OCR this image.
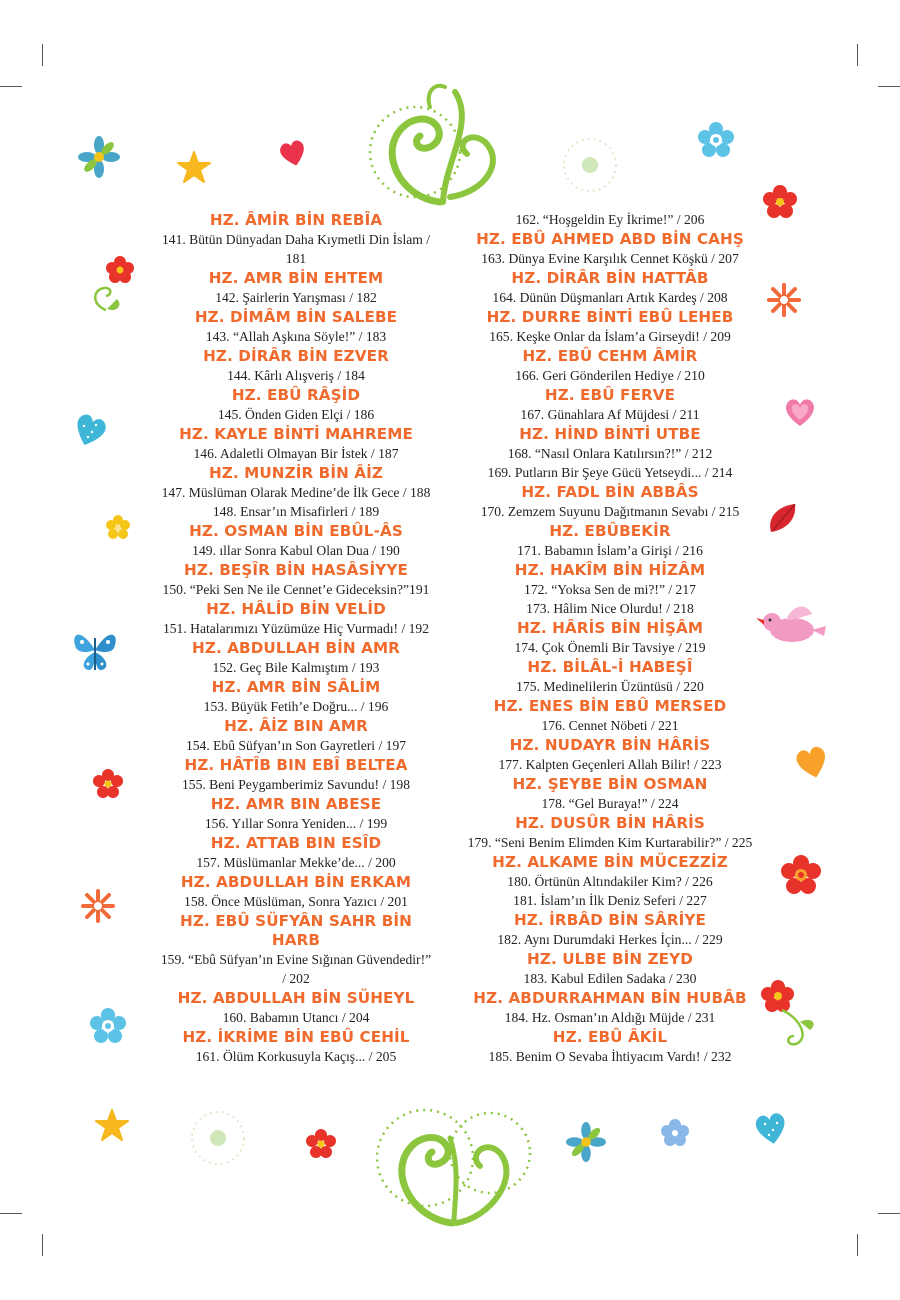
HZ. ÂMİR BİN REBÎA

141. Bütün Dünyadan Daha Kıymetli Din İslam / 181

HZ. AMR BİN EHTEM

142. Şairlerin Yarışması / 182

HZ. DİMÂM BİN SALEBE

143. “Allah Aşkına Söyle!” / 183

HZ. DİRÂR BİN EZVER

144. Kârlı Alışveriş / 184

HZ. EBÛ RÂŞİD

145. Önden Giden Elçi / 186

HZ. KAYLE BİNTİ MAHREME

146. Adaletli Olmayan Bir İstek / 187

HZ. MUNZİR BİN ÂİZ

147. Müslüman Olarak Medine’de İlk Gece / 188

148. Ensar’ın Misafirleri / 189

HZ. OSMAN BİN EBÛL-ÂS

149. ıllar Sonra Kabul Olan Dua / 190

HZ. BEŞÎR BİN HASÂSİYYE

150. “Peki Sen Ne ile Cennet’e Gideceksin?”191

HZ. HÂLİD BİN VELİD

151. Hatalarımızı Yüzümüze Hiç Vurmadı! / 192

HZ. ABDULLAH BİN AMR

152. Geç Bile Kalmıştım / 193

HZ. AMR BİN SÂLİM

153. Büyük Fetih’e Doğru... / 196

HZ. ÂİZ BIN AMR

154. Ebû Süfyan’ın Son Gayretleri / 197

HZ. HÂTÎB BIN EBÎ BELTEA

155. Beni Peygamberimiz Savundu! / 198

HZ. AMR BIN ABESE

156. Yıllar Sonra Yeniden... / 199

HZ. ATTAB BIN ESÎD

157. Müslümanlar Mekke’de... / 200

HZ. ABDULLAH BİN ERKAM

158. Önce Müslüman, Sonra Yazıcı / 201

HZ. EBÛ SÜFYÂN SAHR BİN HARB

159. “Ebû Süfyan’ın Evine Sığınan Güvendedir!” / 202

HZ. ABDULLAH BİN SÜHEYL

160. Babamın Utancı / 204

HZ. İKRİME BİN EBÛ CEHİL

161. Ölüm Korkusuyla Kaçış... / 205

162. “Hoşgeldin Ey İkrime!” / 206

HZ. EBÛ AHMED ABD BİN CAHŞ

163. Dünya Evine Karşılık Cennet Köşkü / 207

HZ. DİRÂR BİN HATTÂB

164. Dünün Düşmanları Artık Kardeş / 208

HZ. DURRE BİNTİ EBÛ LEHEB

165. Keşke Onlar da İslam’a Girseydi! / 209

HZ. EBÛ CEHM ÂMİR

166. Geri Gönderilen Hediye / 210

HZ. EBÛ FERVE

167. Günahlara Af Müjdesi / 211

HZ. HİND BİNTİ UTBE

168. “Nasıl Onlara Katılırsın?!” / 212

169. Putların Bir Şeye Gücü Yetseydi... / 214

HZ. FADL BİN ABBÂS

170. Zemzem Suyunu Dağıtmanın Sevabı / 215

HZ. EBÛBEKİR

171. Babamın İslam’a Girişi / 216

HZ. HAKÎM BİN HİZÂM

172. “Yoksa Sen de mi?!” / 217

173. Hâlim Nice Olurdu! / 218

HZ. HÂRİS BİN HİŞÂM

174. Çok Önemli Bir Tavsiye / 219

HZ. BİLÂL-İ HABEŞÎ

175. Medinelilerin Üzüntüsü / 220

HZ. ENES BİN EBÛ MERSED

176. Cennet Nöbeti / 221

HZ. NUDAYR BİN HÂRİS

177. Kalpten Geçenleri Allah Bilir! / 223

HZ. ŞEYBE BİN OSMAN

178. “Gel Buraya!” / 224

HZ. DUSÛR BİN HÂRİS

179. “Seni Benim Elimden Kim Kurtarabilir?” / 225

HZ. ALKAME BİN MÜCEZZİZ

180. Örtünün Altındakiler Kim? / 226

181. İslam’ın İlk Deniz Seferi / 227

HZ. İRBÂD BİN SÂRİYE

182. Aynı Durumdaki Herkes İçin... / 229

HZ. ULBE BİN ZEYD

183. Kabul Edilen Sadaka / 230

HZ. ABDURRAHMAN BİN HUBÂB

184. Hz. Osman’ın Aldığı Müjde / 231

HZ. EBÛ ÂKİL

185. Benim O Sevaba İhtiyacım Vardı! / 232
